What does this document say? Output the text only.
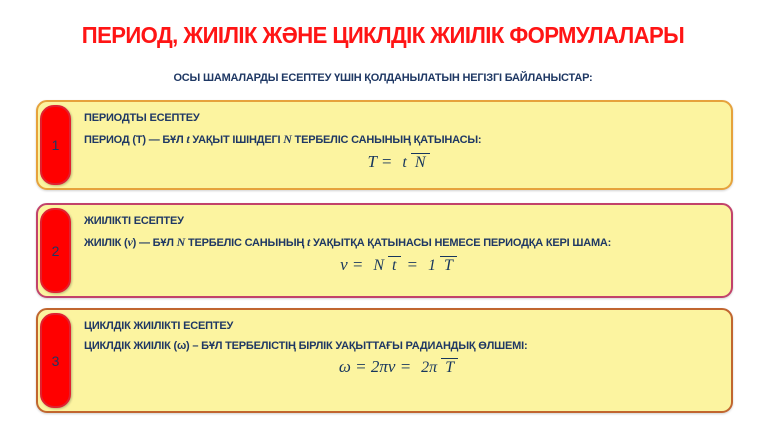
ПЕРИОД, ЖИІЛІК ЖӘНЕ ЦИКЛДІК ЖИІЛІК ФОРМУЛАЛАРЫ
ОСЫ ШАМАЛАРДЫ ЕСЕПТЕУ ҮШІН ҚОЛДАНЫЛАТЫН НЕГІЗГІ БАЙЛАНЫСТАР:
1
ПЕРИОДТЫ ЕСЕПТЕУ
ПЕРИОД (Т) — БҰЛ t УАҚЫТ ІШІНДЕГІ N ТЕРБЕЛІС САНЫНЫҢ ҚАТЫНАСЫ:
T = t N
2
ЖИІЛІКТІ ЕСЕПТЕУ
ЖИІЛІК (ν) — БҰЛ N ТЕРБЕЛІС САНЫНЫҢ t УАҚЫТҚА ҚАТЫНАСЫ НЕМЕСЕ ПЕРИОДҚА КЕРІ ШАМА:
ν = N t = 1 T
3
ЦИКЛДІК ЖИІЛІКТІ ЕСЕПТЕУ
ЦИКЛДІК ЖИІЛІК (ω) – БҰЛ ТЕРБЕЛІСТІҢ БІРЛІК УАҚЫТТАҒЫ РАДИАНДЫҚ ӨЛШЕМІ:
ω = 2πν = 2π T
